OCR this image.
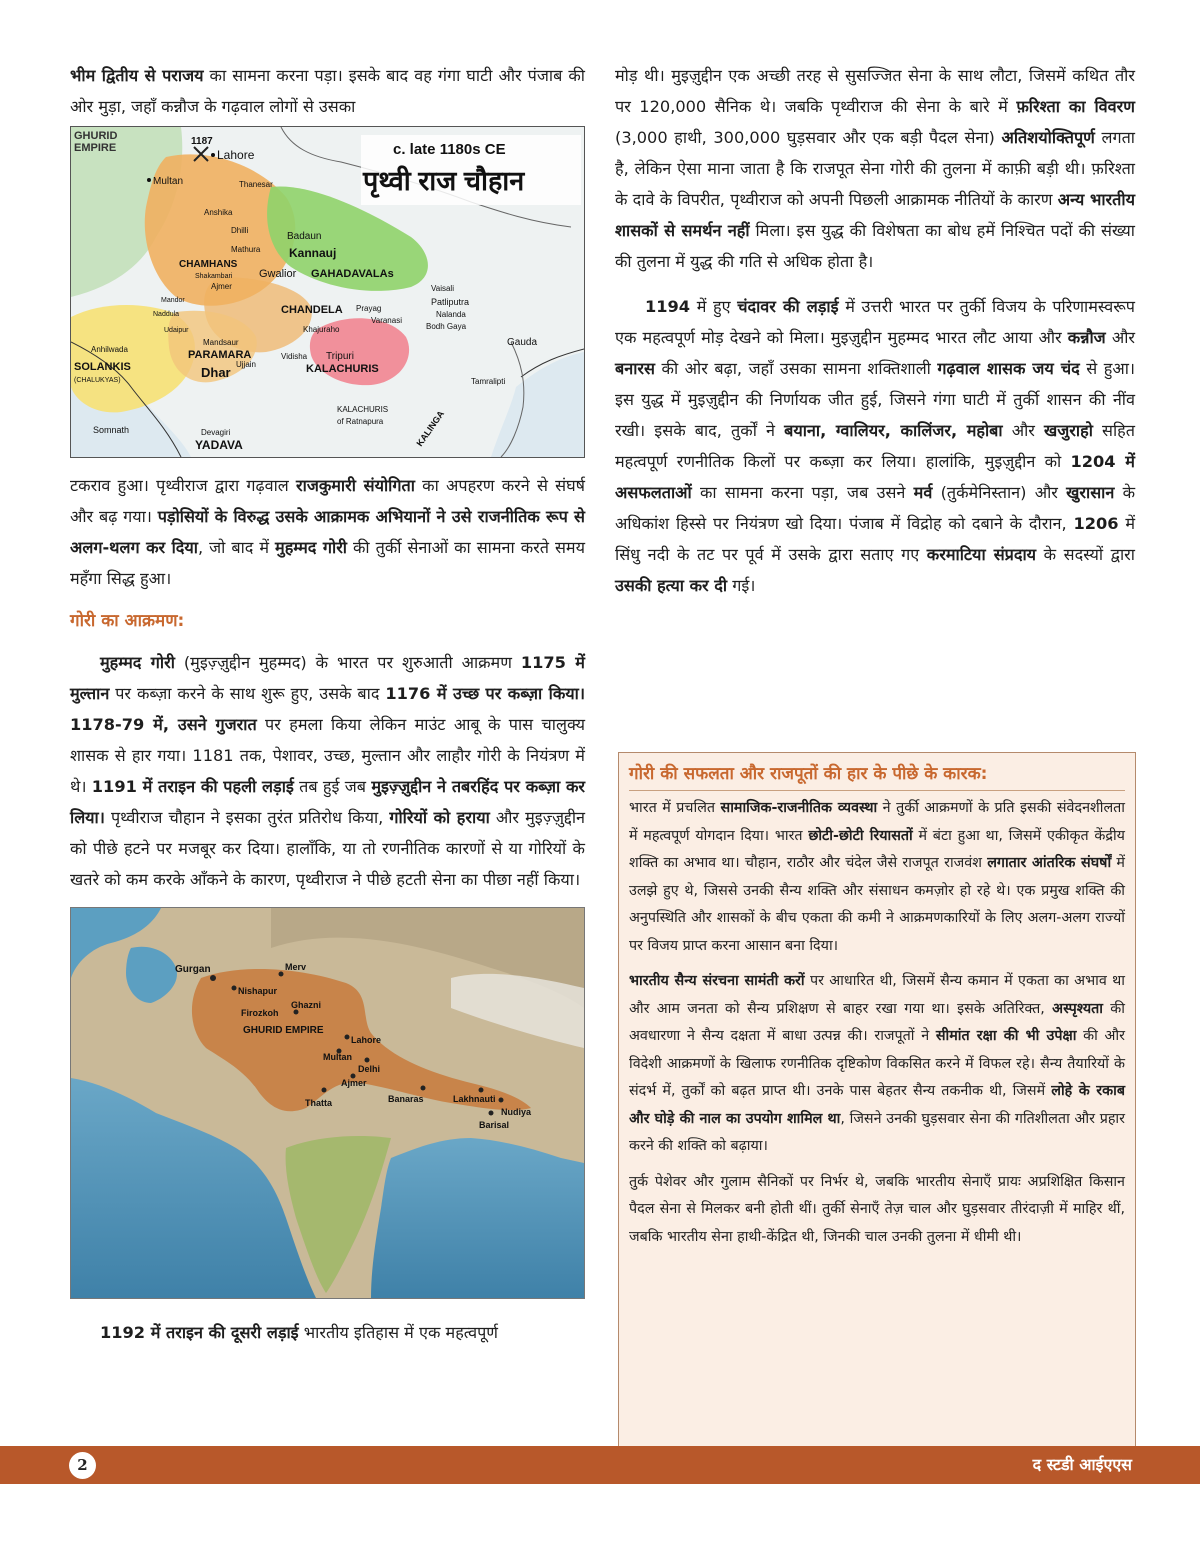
भीम द्वितीय से पराजय का सामना करना पड़ा। इसके बाद वह गंगा घाटी और पंजाब की ओर मुड़ा, जहाँ कन्नौज के गढ़वाल लोगों से उसका

c. late 1180s CE
पृथ्वी राज चौहान
1187
GHURID
EMPIRE	Lahore
Multan	Thanesar
Anshika
Dhilli
Badaun
Mathura Kannauj
CHAMHANS
Shakambari
Ajmer
Gwalior GAHADAVALAs
Mandor
Naddula	CHANDELA Prayag
Varanasi
Vaisali
Patliputra
Nalanda
Bodh Gaya
Udaipur	Khajuraho
Anhilwada
Mandsaur
PARAMARA
Ujjain
Vidisha Tripuri
KALACHURIS
Gauda
SOLANKIS
(CHALUKYAS)
Dhar
Tamralipti
Somnath
KALACHURIS
of Ratnapura
Devagiri
YADAVA	KALINGA

टकराव हुआ। पृथ्वीराज द्वारा गढ़वाल राजकुमारी संयोगिता का अपहरण करने से संघर्ष और बढ़ गया। पड़ोसियों के विरुद्ध उसके आक्रामक अभियानों ने उसे राजनीतिक रूप से अलग-थलग कर दिया, जो बाद में मुहम्मद गोरी की तुर्की सेनाओं का सामना करते समय महँगा सिद्ध हुआ।

गोरी का आक्रमण:

मुहम्मद गोरी (मुइज़्ज़ुद्दीन मुहम्मद) के भारत पर शुरुआती आक्रमण 1175 में मुल्तान पर कब्ज़ा करने के साथ शुरू हुए, उसके बाद 1176 में उच्छ पर कब्ज़ा किया। 1178-79 में, उसने गुजरात पर हमला किया लेकिन माउंट आबू के पास चालुक्य शासक से हार गया। 1181 तक, पेशावर, उच्छ, मुल्तान और लाहौर गोरी के नियंत्रण में थे। 1191 में तराइन की पहली लड़ाई तब हुई जब मुइज़्ज़ुद्दीन ने तबरहिंद पर कब्ज़ा कर लिया। पृथ्वीराज चौहान ने इसका तुरंत प्रतिरोध किया, गोरियों को हराया और मुइज़्ज़ुद्दीन को पीछे हटने पर मजबूर कर दिया। हालाँकि, या तो रणनीतिक कारणों से या गोरियों के खतरे को कम करके आँकने के कारण, पृथ्वीराज ने पीछे हटती सेना का पीछा नहीं किया।

Gurgan	Merv
Nishapur
Firozkoh
Ghazni
GHURID EMPIRE
Lahore
Multan
Delhi
Ajmer
Thatta	Banaras	Lakhnauti
Nudiya
Barisal

1192 में तराइन की दूसरी लड़ाई भारतीय इतिहास में एक महत्वपूर्ण

मोड़ थी। मुइज़ुद्दीन एक अच्छी तरह से सुसज्जित सेना के साथ लौटा, जिसमें कथित तौर पर 120,000 सैनिक थे। जबकि पृथ्वीराज की सेना के बारे में फ़रिश्ता का विवरण (3,000 हाथी, 300,000 घुड़सवार और एक बड़ी पैदल सेना) अतिशयोक्तिपूर्ण लगता है, लेकिन ऐसा माना जाता है कि राजपूत सेना गोरी की तुलना में काफ़ी बड़ी थी। फ़रिश्ता के दावे के विपरीत, पृथ्वीराज को अपनी पिछली आक्रामक नीतियों के कारण अन्य भारतीय शासकों से समर्थन नहीं मिला। इस युद्ध की विशेषता का बोध हमें निश्चित पदों की संख्या की तुलना में युद्ध की गति से अधिक होता है।

1194 में हुए चंदावर की लड़ाई में उत्तरी भारत पर तुर्की विजय के परिणामस्वरूप एक महत्वपूर्ण मोड़ देखने को मिला। मुइज़ुद्दीन मुहम्मद भारत लौट आया और कन्नौज और बनारस की ओर बढ़ा, जहाँ उसका सामना शक्तिशाली गढ़वाल शासक जय चंद से हुआ। इस युद्ध में मुइज़ुद्दीन की निर्णायक जीत हुई, जिसने गंगा घाटी में तुर्की शासन की नींव रखी। इसके बाद, तुर्कों ने बयाना, ग्वालियर, कालिंजर, महोबा और खजुराहो सहित महत्वपूर्ण रणनीतिक किलों पर कब्ज़ा कर लिया। हालांकि, मुइज़ुद्दीन को 1204 में असफलताओं का सामना करना पड़ा, जब उसने मर्व (तुर्कमेनिस्तान) और खुरासान के अधिकांश हिस्से पर नियंत्रण खो दिया। पंजाब में विद्रोह को दबाने के दौरान, 1206 में सिंधु नदी के तट पर पूर्व में उसके द्वारा सताए गए करमाटिया संप्रदाय के सदस्यों द्वारा उसकी हत्या कर दी गई।

गोरी की सफलता और राजपूतों की हार के पीछे के कारक:

भारत में प्रचलित सामाजिक-राजनीतिक व्यवस्था ने तुर्की आक्रमणों के प्रति इसकी संवेदनशीलता में महत्वपूर्ण योगदान दिया। भारत छोटी-छोटी रियासतों में बंटा हुआ था, जिसमें एकीकृत केंद्रीय शक्ति का अभाव था। चौहान, राठौर और चंदेल जैसे राजपूत राजवंश लगातार आंतरिक संघर्षों में उलझे हुए थे, जिससे उनकी सैन्य शक्ति और संसाधन कमज़ोर हो रहे थे। एक प्रमुख शक्ति की अनुपस्थिति और शासकों के बीच एकता की कमी ने आक्रमणकारियों के लिए अलग-अलग राज्यों पर विजय प्राप्त करना आसान बना दिया।

भारतीय सैन्य संरचना सामंती करों पर आधारित थी, जिसमें सैन्य कमान में एकता का अभाव था और आम जनता को सैन्य प्रशिक्षण से बाहर रखा गया था। इसके अतिरिक्त, अस्पृश्यता की अवधारणा ने सैन्य दक्षता में बाधा उत्पन्न की। राजपूतों ने सीमांत रक्षा की भी उपेक्षा की और विदेशी आक्रमणों के खिलाफ रणनीतिक दृष्टिकोण विकसित करने में विफल रहे। सैन्य तैयारियों के संदर्भ में, तुर्कों को बढ़त प्राप्त थी। उनके पास बेहतर सैन्य तकनीक थी, जिसमें लोहे के रकाब और घोड़े की नाल का उपयोग शामिल था, जिसने उनकी घुड़सवार सेना की गतिशीलता और प्रहार करने की शक्ति को बढ़ाया।

तुर्क पेशेवर और गुलाम सैनिकों पर निर्भर थे, जबकि भारतीय सेनाएँ प्रायः अप्रशिक्षित किसान पैदल सेना से मिलकर बनी होती थीं। तुर्की सेनाएँ तेज़ चाल और घुड़सवार तीरंदाज़ी में माहिर थीं, जबकि भारतीय सेना हाथी-केंद्रित थी, जिनकी चाल उनकी तुलना में धीमी थी।

2	द स्टडी आईएएस
